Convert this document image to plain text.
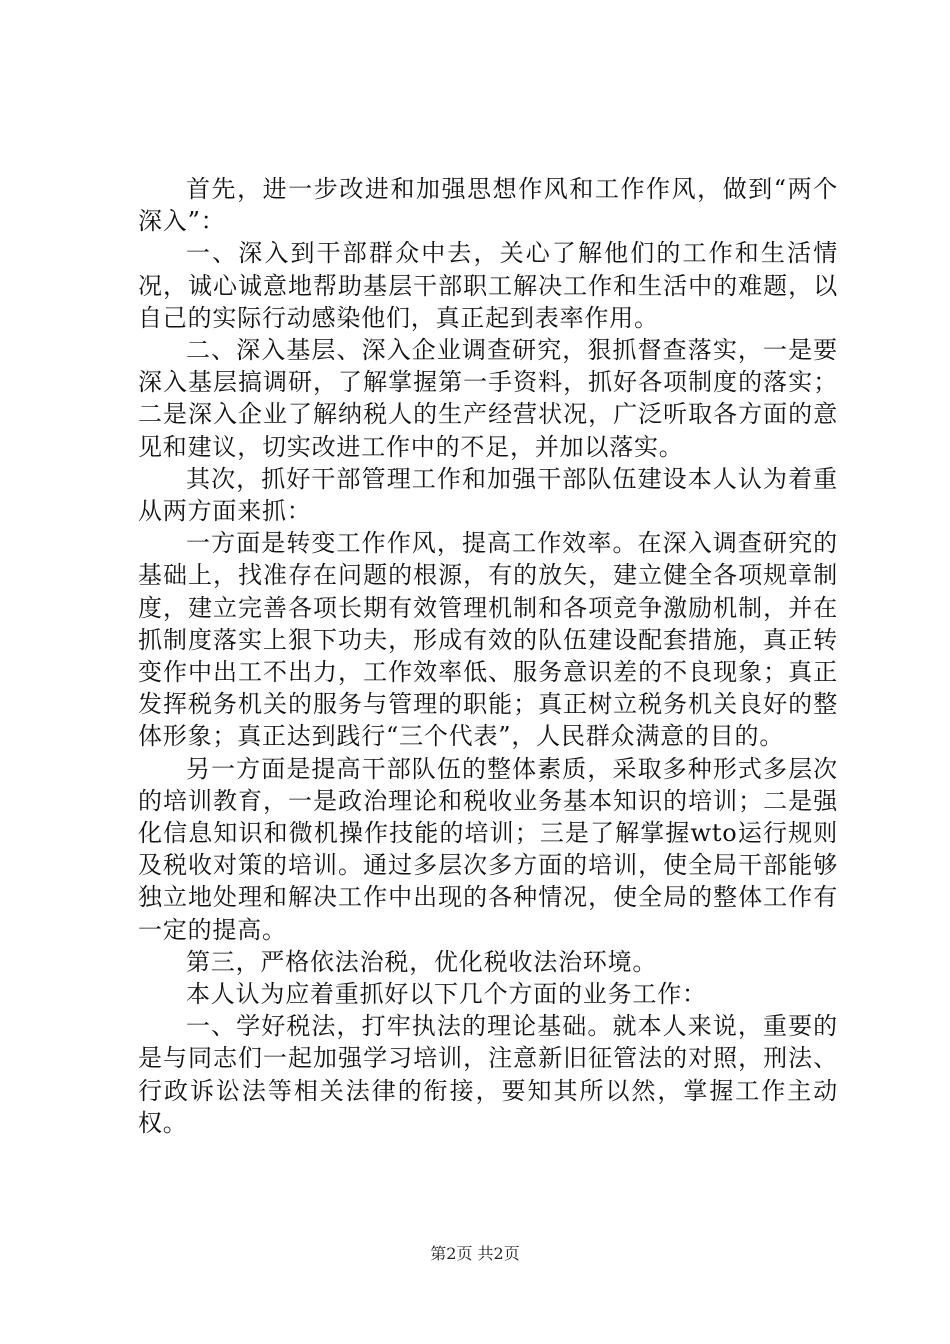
首先，进一步改进和加强思想作风和工作作风，做到“两个深入”：

一、深入到干部群众中去，关心了解他们的工作和生活情况，诚心诚意地帮助基层干部职工解决工作和生活中的难题，以自己的实际行动感染他们，真正起到表率作用。

二、深入基层、深入企业调查研究，狠抓督查落实，一是要深入基层搞调研，了解掌握第一手资料，抓好各项制度的落实；二是深入企业了解纳税人的生产经营状况，广泛听取各方面的意见和建议，切实改进工作中的不足，并加以落实。

其次，抓好干部管理工作和加强干部队伍建设本人认为着重从两方面来抓：

一方面是转变工作作风，提高工作效率。在深入调查研究的基础上，找准存在问题的根源，有的放矢，建立健全各项规章制度，建立完善各项长期有效管理机制和各项竞争激励机制，并在抓制度落实上狠下功夫，形成有效的队伍建设配套措施，真正转变作中出工不出力，工作效率低、服务意识差的不良现象；真正发挥税务机关的服务与管理的职能；真正树立税务机关良好的整体形象；真正达到践行“三个代表”，人民群众满意的目的。

另一方面是提高干部队伍的整体素质，采取多种形式多层次的培训教育，一是政治理论和税收业务基本知识的培训；二是强化信息知识和微机操作技能的培训；三是了解掌握wto运行规则及税收对策的培训。通过多层次多方面的培训，使全局干部能够独立地处理和解决工作中出现的各种情况，使全局的整体工作有一定的提高。

第三，严格依法治税，优化税收法治环境。

本人认为应着重抓好以下几个方面的业务工作：

一、学好税法，打牢执法的理论基础。就本人来说，重要的是与同志们一起加强学习培训，注意新旧征管法的对照，刑法、行政诉讼法等相关法律的衔接，要知其所以然，掌握工作主动权。

第2页 共2页
